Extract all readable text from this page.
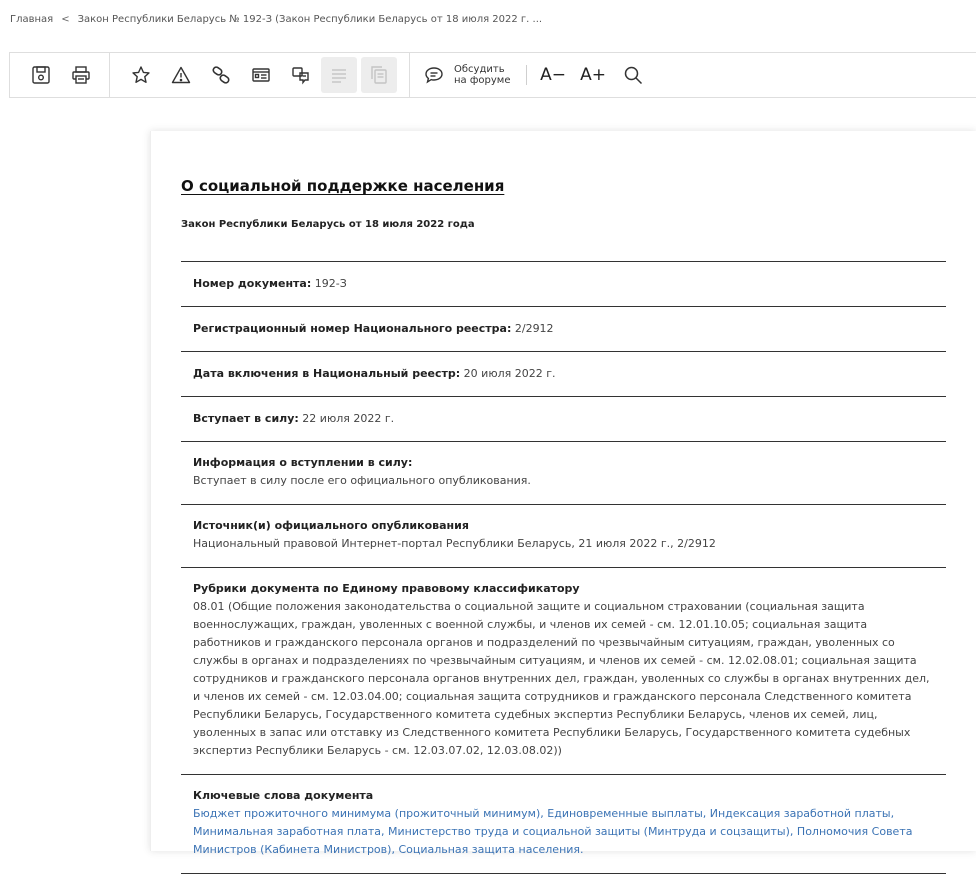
Главная < Закон Республики Беларусь № 192-З (Закон Республики Беларусь от 18 июля 2022 г. ...
Обсудить
на форуме	A− A+
О социальной поддержке населения
Закон Республики Беларусь от 18 июля 2022 года
Номер документа: 192-З
Регистрационный номер Национального реестра: 2/2912
Дата включения в Национальный реестр: 20 июля 2022 г.
Вступает в силу: 22 июля 2022 г.
Информация о вступлении в силу:
Вступает в силу после его официального опубликования.
Источник(и) официального опубликования
Национальный правовой Интернет-портал Республики Беларусь, 21 июля 2022 г., 2/2912
Рубрики документа по Единому правовому классификатору
08.01 (Общие положения законодательства о социальной защите и социальном страховании (социальная защита военнослужащих, граждан, уволенных с военной службы, и членов их семей - см. 12.01.10.05; социальная защита работников и гражданского персонала органов и подразделений по чрезвычайным ситуациям, граждан, уволенных со службы в органах и подразделениях по чрезвычайным ситуациям, и членов их семей - см. 12.02.08.01; социальная защита сотрудников и гражданского персонала органов внутренних дел, граждан, уволенных со службы в органах внутренних дел, и членов их семей - см. 12.03.04.00; социальная защита сотрудников и гражданского персонала Следственного комитета Республики Беларусь, Государственного комитета судебных экспертиз Республики Беларусь, членов их семей, лиц, уволенных в запас или отставку из Следственного комитета Республики Беларусь, Государственного комитета судебных экспертиз Республики Беларусь - см. 12.03.07.02, 12.03.08.02))
Ключевые слова документа
Бюджет прожиточного минимума (прожиточный минимум), Единовременные выплаты, Индексация заработной платы, Минимальная заработная плата, Министерство труда и социальной защиты (Минтруда и соцзащиты), Полномочия Совета Министров (Кабинета Министров), Социальная защита населения.
